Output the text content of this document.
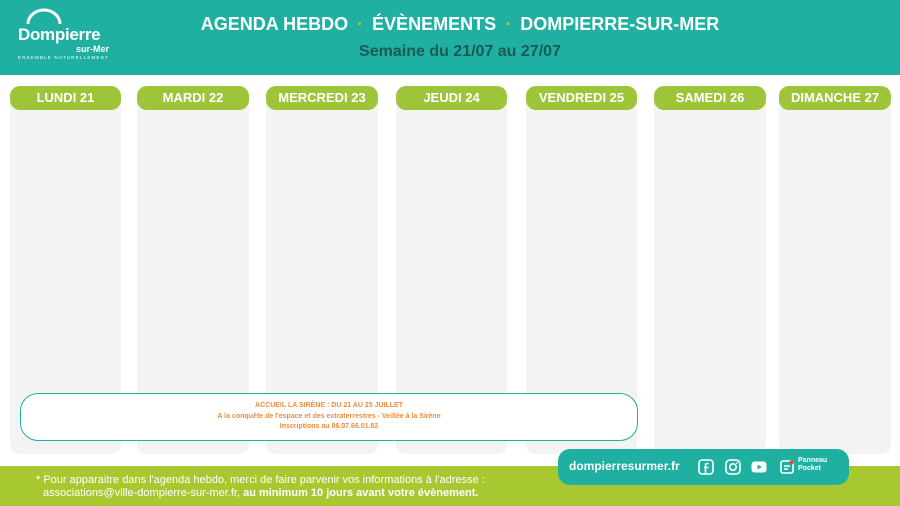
Dompierre
sur-Mer
ENSEMBLE NATURELLEMENT
AGENDA HEBDO · ÉVÈNEMENTS · DOMPIERRE-SUR-MER
Semaine du 21/07 au 27/07
LUNDI 21	MARDI 22	MERCREDI 23	JEUDI 24	VENDREDI 25	SAMEDI 26	DIMANCHE 27
ACCUEIL LA SIRÈNE : DU 21 AU 25 JUILLET
A la conquête de l'espace et des extraterrestres - Veillée à la Sirène
Inscriptions au 06.07.66.01.82
* Pour apparaitre dans l'agenda hebdo, merci de faire parvenir vos informations à l'adresse :
associations@ville-dompierre-sur-mer.fr, au minimum 10 jours avant votre évènement.
dompierresurmer.fr	Panneau
Pocket
